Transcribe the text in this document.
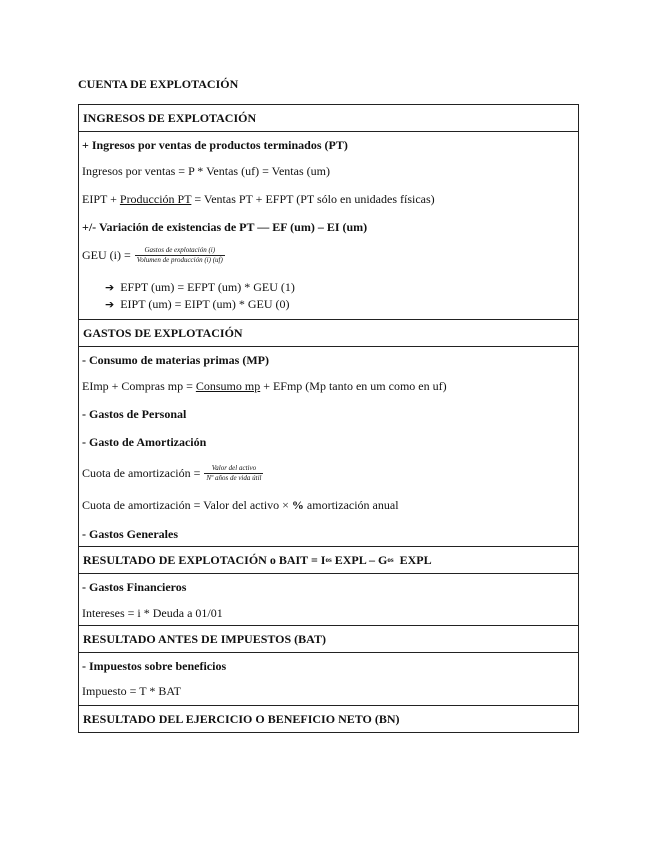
CUENTA DE EXPLOTACIÓN
INGRESOS DE EXPLOTACIÓN
+ Ingresos por ventas de productos terminados (PT)
Ingresos por ventas = P * Ventas (uf) = Ventas (um)
EIPT + Producción PT = Ventas PT + EFPT (PT sólo en unidades físicas)
+/- Variación de existencias de PT — EF (um) – EI (um)
GEU $(i) = \frac{\text{Gastos de explotación (i)}}{\text{Volumen de producción (i) (uf)}}$
➔ EFPT (um) = EFPT (um) * GEU (1)
➔ EIPT (um) = EIPT (um) * GEU (0)
GASTOS DE EXPLOTACIÓN
- Consumo de materias primas (MP)
EImp + Compras mp = Consumo mp + EFmp (Mp tanto en um como en uf)
- Gastos de Personal
- Gasto de Amortización
Cuota de amortización = $\frac{\text{Valor del activo}}{\text{Nº años de vida útil}}$
Cuota de amortización = Valor del activo × % amortización anual
- Gastos Generales
RESULTADO DE EXPLOTACIÓN o BAIT = I os EXPL – G os EXPL
- Gastos Financieros
Intereses = i * Deuda a 01/01
RESULTADO ANTES DE IMPUESTOS (BAT)
- Impuestos sobre beneficios
Impuesto = T * BAT
RESULTADO DEL EJERCICIO O BENEFICIO NETO (BN)
